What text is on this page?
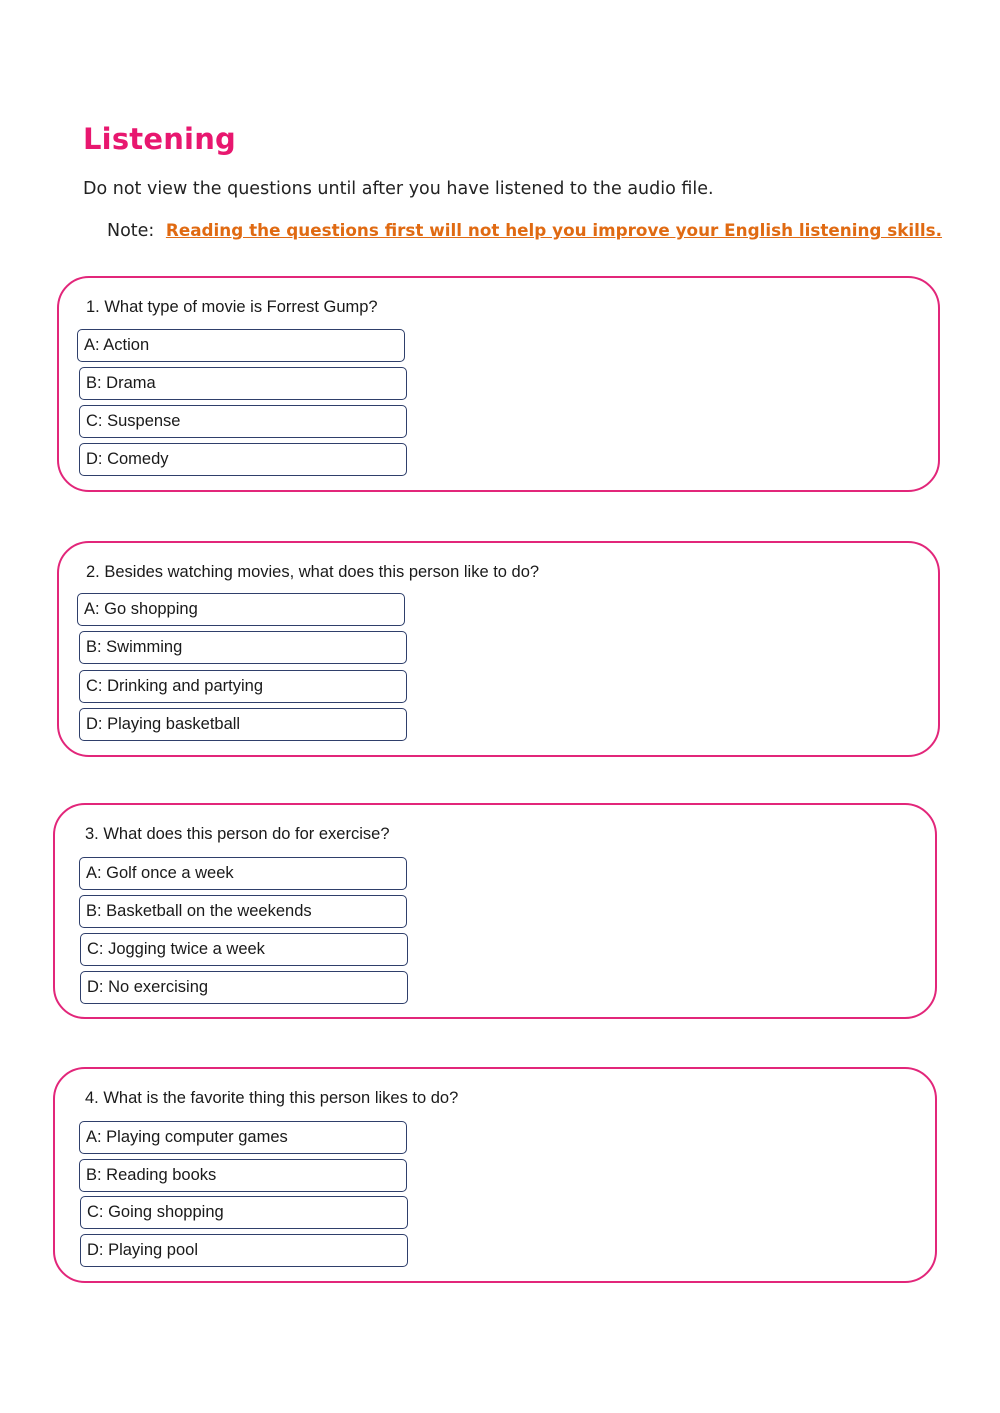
Listening

Do not view the questions until after you have listened to the audio file.

Note: Reading the questions first will not help you improve your English listening skills.

1. What type of movie is Forrest Gump?

A: Action
B: Drama
C: Suspense
D: Comedy

2. Besides watching movies, what does this person like to do?

A: Go shopping
B: Swimming
C: Drinking and partying
D: Playing basketball

3. What does this person do for exercise?

A: Golf once a week
B: Basketball on the weekends
C: Jogging twice a week
D: No exercising

4. What is the favorite thing this person likes to do?

A: Playing computer games
B: Reading books
C: Going shopping
D: Playing pool
